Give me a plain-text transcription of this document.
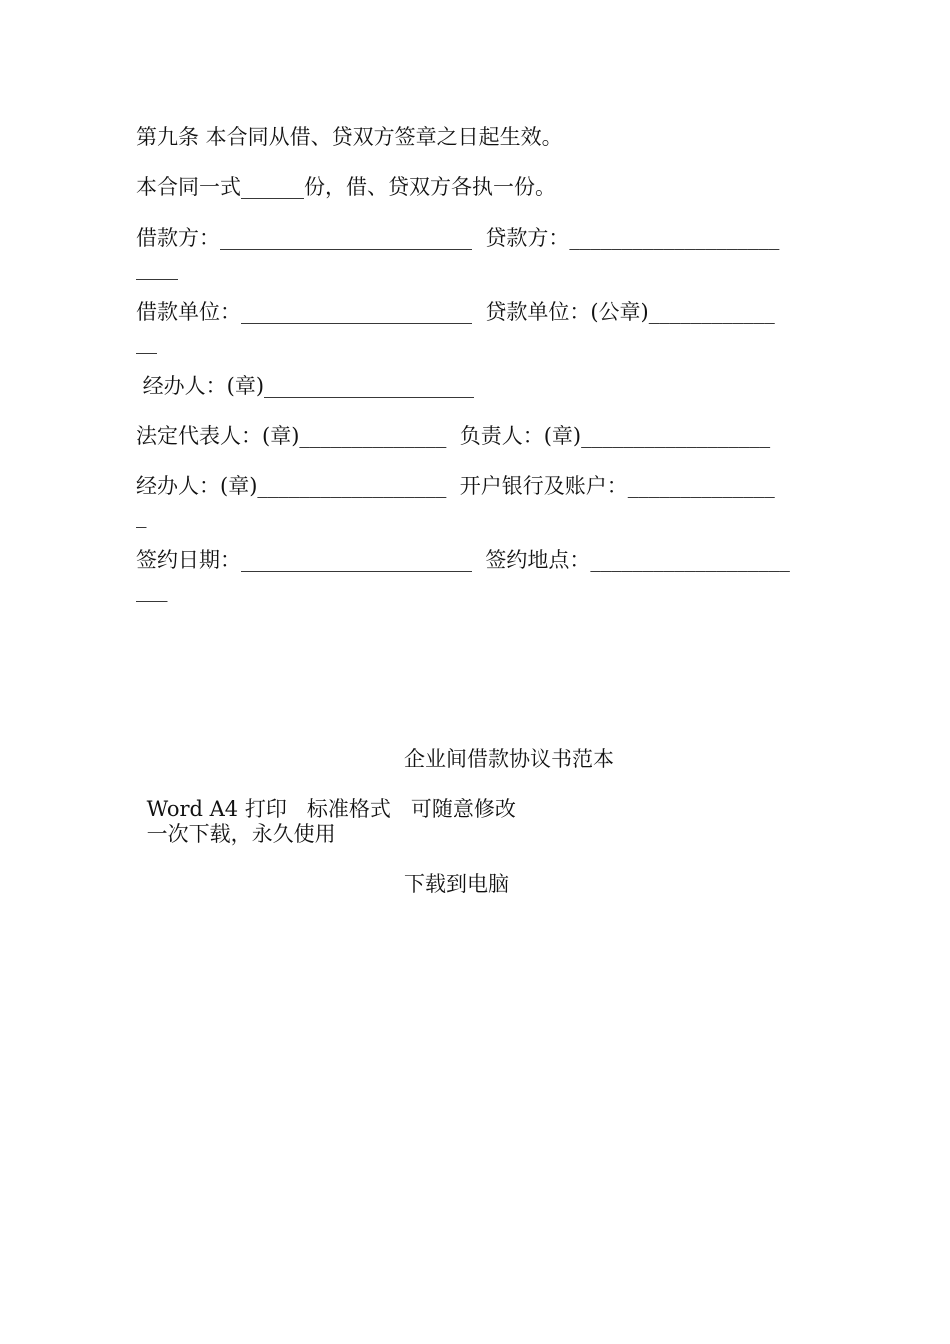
第九条 本合同从借、贷双方签章之日起生效。

本合同一式______份，借、贷双方各执一份。

借款方：________________________  贷款方：____________________

____

借款单位：______________________  贷款单位：(公章)____________

__

经办人：(章)____________________

法定代表人：(章)______________  负责人：(章)__________________

经办人：(章)__________________  开户银行及账户：______________

_

签约日期：______________________  签约地点：___________________

___
企业间借款协议书范本
Word A4 打印   标准格式   可随意修改
一次下载，永久使用
下载到电脑
